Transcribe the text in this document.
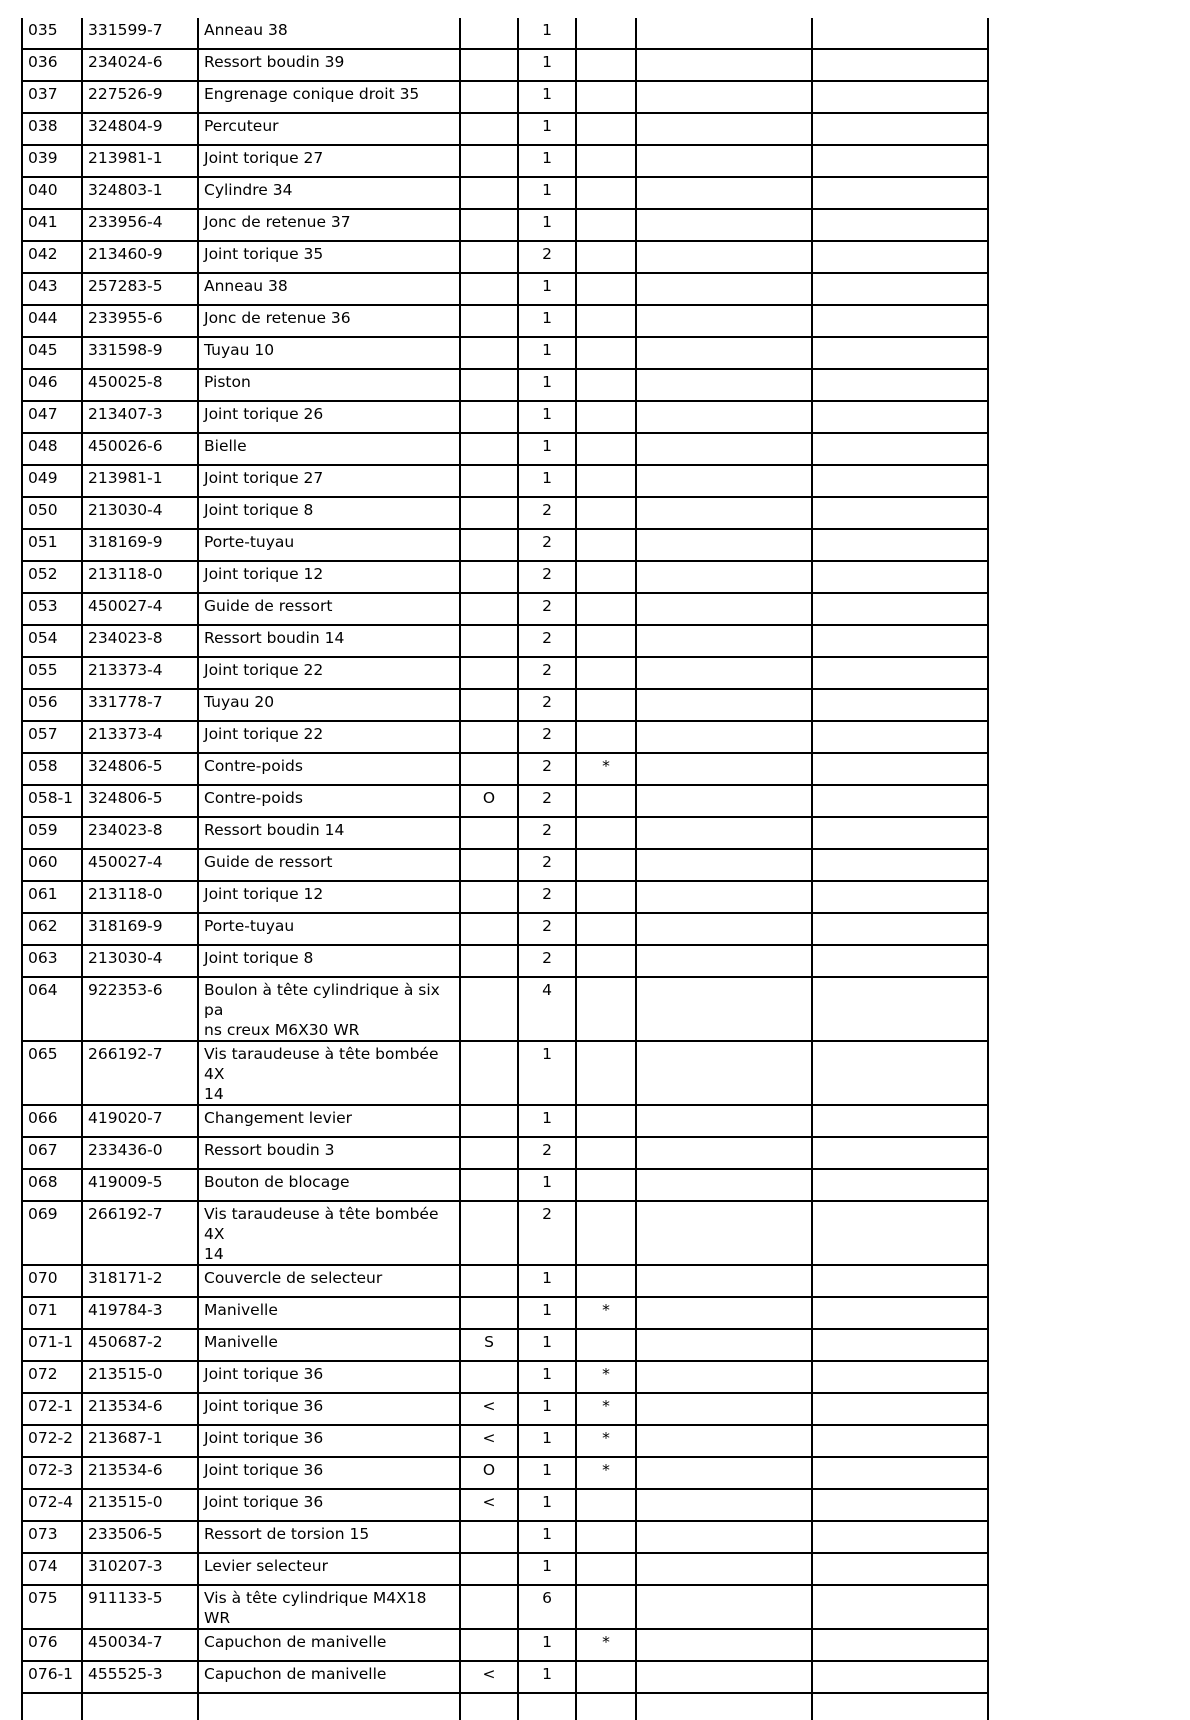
035	331599-7	Anneau 38		1			
036	234024-6	Ressort boudin 39		1			
037	227526-9	Engrenage conique droit 35		1			
038	324804-9	Percuteur		1			
039	213981-1	Joint torique 27		1			
040	324803-1	Cylindre 34		1			
041	233956-4	Jonc de retenue 37		1			
042	213460-9	Joint torique 35		2			
043	257283-5	Anneau 38		1			
044	233955-6	Jonc de retenue 36		1			
045	331598-9	Tuyau 10		1			
046	450025-8	Piston		1			
047	213407-3	Joint torique 26		1			
048	450026-6	Bielle		1			
049	213981-1	Joint torique 27		1			
050	213030-4	Joint torique 8		2			
051	318169-9	Porte-tuyau		2			
052	213118-0	Joint torique 12		2			
053	450027-4	Guide de ressort		2			
054	234023-8	Ressort boudin 14		2			
055	213373-4	Joint torique 22		2			
056	331778-7	Tuyau 20		2			
057	213373-4	Joint torique 22		2			
058	324806-5	Contre-poids		2	*		
058-1	324806-5	Contre-poids	O	2			
059	234023-8	Ressort boudin 14		2			
060	450027-4	Guide de ressort		2			
061	213118-0	Joint torique 12		2			
062	318169-9	Porte-tuyau		2			
063	213030-4	Joint torique 8		2			
064	922353-6	Boulon à tête cylindrique à six pa
ns creux M6X30 WR		4			
065	266192-7	Vis taraudeuse à tête bombée 4X
14		1			
066	419020-7	Changement levier		1			
067	233436-0	Ressort boudin 3		2			
068	419009-5	Bouton de blocage		1			
069	266192-7	Vis taraudeuse à tête bombée 4X
14		2			
070	318171-2	Couvercle de selecteur		1			
071	419784-3	Manivelle		1	*		
071-1	450687-2	Manivelle	S	1			
072	213515-0	Joint torique 36		1	*		
072-1	213534-6	Joint torique 36	<	1	*		
072-2	213687-1	Joint torique 36	<	1	*		
072-3	213534-6	Joint torique 36	O	1	*		
072-4	213515-0	Joint torique 36	<	1			
073	233506-5	Ressort de torsion 15		1			
074	310207-3	Levier selecteur		1			
075	911133-5	Vis à tête cylindrique M4X18 WR		6			
076	450034-7	Capuchon de manivelle		1	*		
076-1	455525-3	Capuchon de manivelle	<	1			
